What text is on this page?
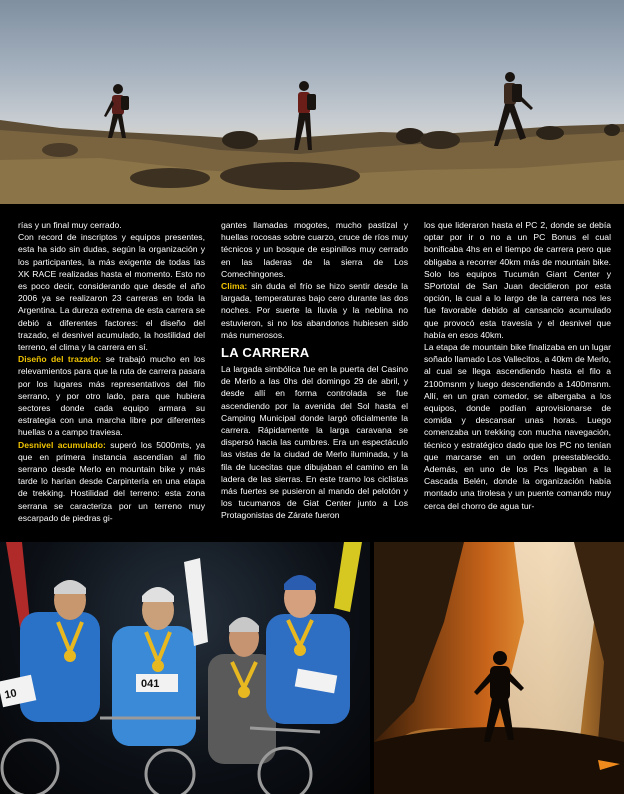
rías y un final muy cerrado.

Con record de inscriptos y equipos presentes, esta ha sido sin dudas, según la organización y los participantes, la más exigente de todas las XK RACE realizadas hasta el momento. Esto no es poco decir, considerando que desde el año 2006 ya se realizaron 23 carreras en toda la Argentina. La dureza extrema de esta carrera se debió a diferentes factores: el diseño del trazado, el desnivel acumulado, la hostilidad del terreno, el clima y la carrera en sí.

Diseño del trazado: se trabajó mucho en los relevamientos para que la ruta de carrera pasara por los lugares más representativos del filo serrano, y por otro lado, para que hubiera sectores donde cada equipo armara su estrategia con una marcha libre por diferentes huellas o a campo traviesa.

Desnivel acumulado: superó los 5000mts, ya que en primera instancia ascendían al filo serrano desde Merlo en mountain bike y más tarde lo harían desde Carpintería en una etapa de trekking. Hostilidad del terreno: esta zona serrana se caracteriza por un terreno muy escarpado de piedras gi-

gantes llamadas mogotes, mucho pastizal y huellas rocosas sobre cuarzo, cruce de ríos muy técnicos y un bosque de espinillos muy cerrado en las laderas de la sierra de Los Comechingones.

Clima: sin duda el frío se hizo sentir desde la largada, temperaturas bajo cero durante las dos noches. Por suerte la lluvia y la neblina no estuvieron, si no los abandonos hubiesen sido más numerosos.

LA CARRERA

La largada simbólica fue en la puerta del Casino de Merlo a las 0hs del domingo 29 de abril, y desde allí en forma controlada se fue ascendiendo por la avenida del Sol hasta el Camping Municipal donde largó oficialmente la carrera. Rápidamente la larga caravana se dispersó hacia las cumbres. Era un espectáculo las vistas de la ciudad de Merlo iluminada, y la fila de lucecitas que dibujaban el camino en la ladera de las sierras. En este tramo los ciclistas más fuertes se pusieron al mando del pelotón y los tucumanos de Giat Center junto a Los Protagonistas de Zárate fueron

los que lideraron hasta el PC 2, donde se debía optar por ir o no a un PC Bonus el cual bonificaba 4hs en el tiempo de carrera pero que obligaba a recorrer 40km más de mountain bike. Solo los equipos Tucumán Giant Center y SPortotal de San Juan decidieron por esta opción, la cual a lo largo de la carrera nos les fue favorable debido al cansancio acumulado que provocó esta travesía y el desnivel que había en esos 40km.

La etapa de mountain bike finalizaba en un lugar soñado llamado Los Vallecitos, a 40km de Merlo, al cual se llega ascendiendo hasta el filo a 2100msnm y luego descendiendo a 1400msnm. Allí, en un gran comedor, se albergaba a los equipos, donde podían aprovisionarse de comida y descansar unas horas. Luego comenzaba un trekking con mucha navegación, técnico y estratégico dado que los PC no tenían que marcarse en un orden preestablecido. Además, en uno de los Pcs llegaban a la Cascada Belén, donde la organización había montado una tirolesa y un puente comando muy cerca del chorro de agua tur-

10
041
